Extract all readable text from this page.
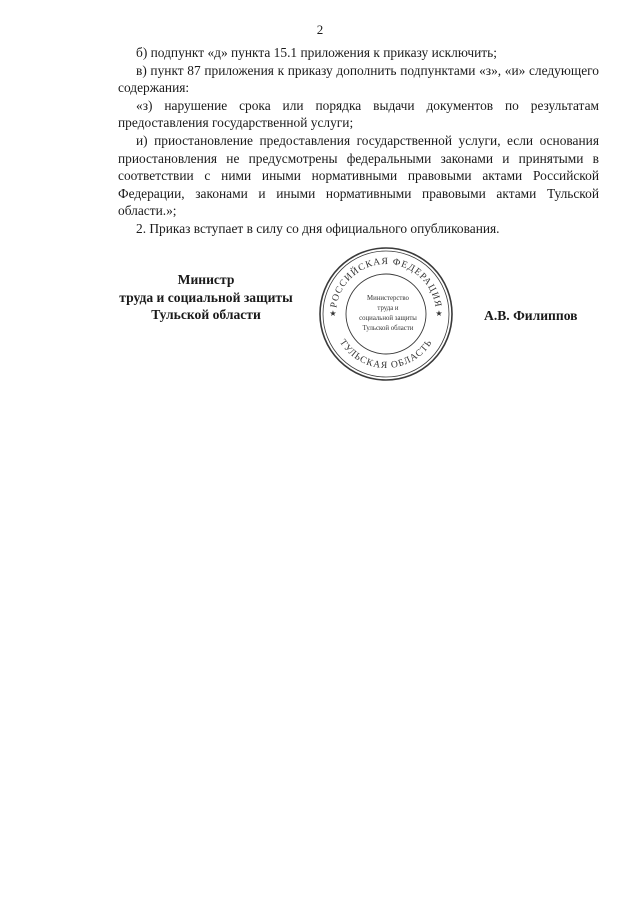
2

б) подпункт «д» пункта 15.1 приложения к приказу исключить;

в) пункт 87 приложения к приказу дополнить подпунктами «з», «и» следующего содержания:

«з) нарушение срока или порядка выдачи документов по результатам предоставления государственной услуги;

и) приостановление предоставления государственной услуги, если основания приостановления не предусмотрены федеральными законами и принятыми в соответствии с ними иными нормативными правовыми актами Российской Федерации, законами и иными нормативными правовыми актами Тульской области.»;

2. Приказ вступает в силу со дня официального опубликования.

Министр
труда и социальной защиты
Тульской области
РОССИЙСКАЯ ФЕДЕРАЦИЯ
ТУЛЬСКАЯ ОБЛАСТЬ
Министерство
труда и
социальной защиты
Тульской области
★	★	А.В. Филиппов
